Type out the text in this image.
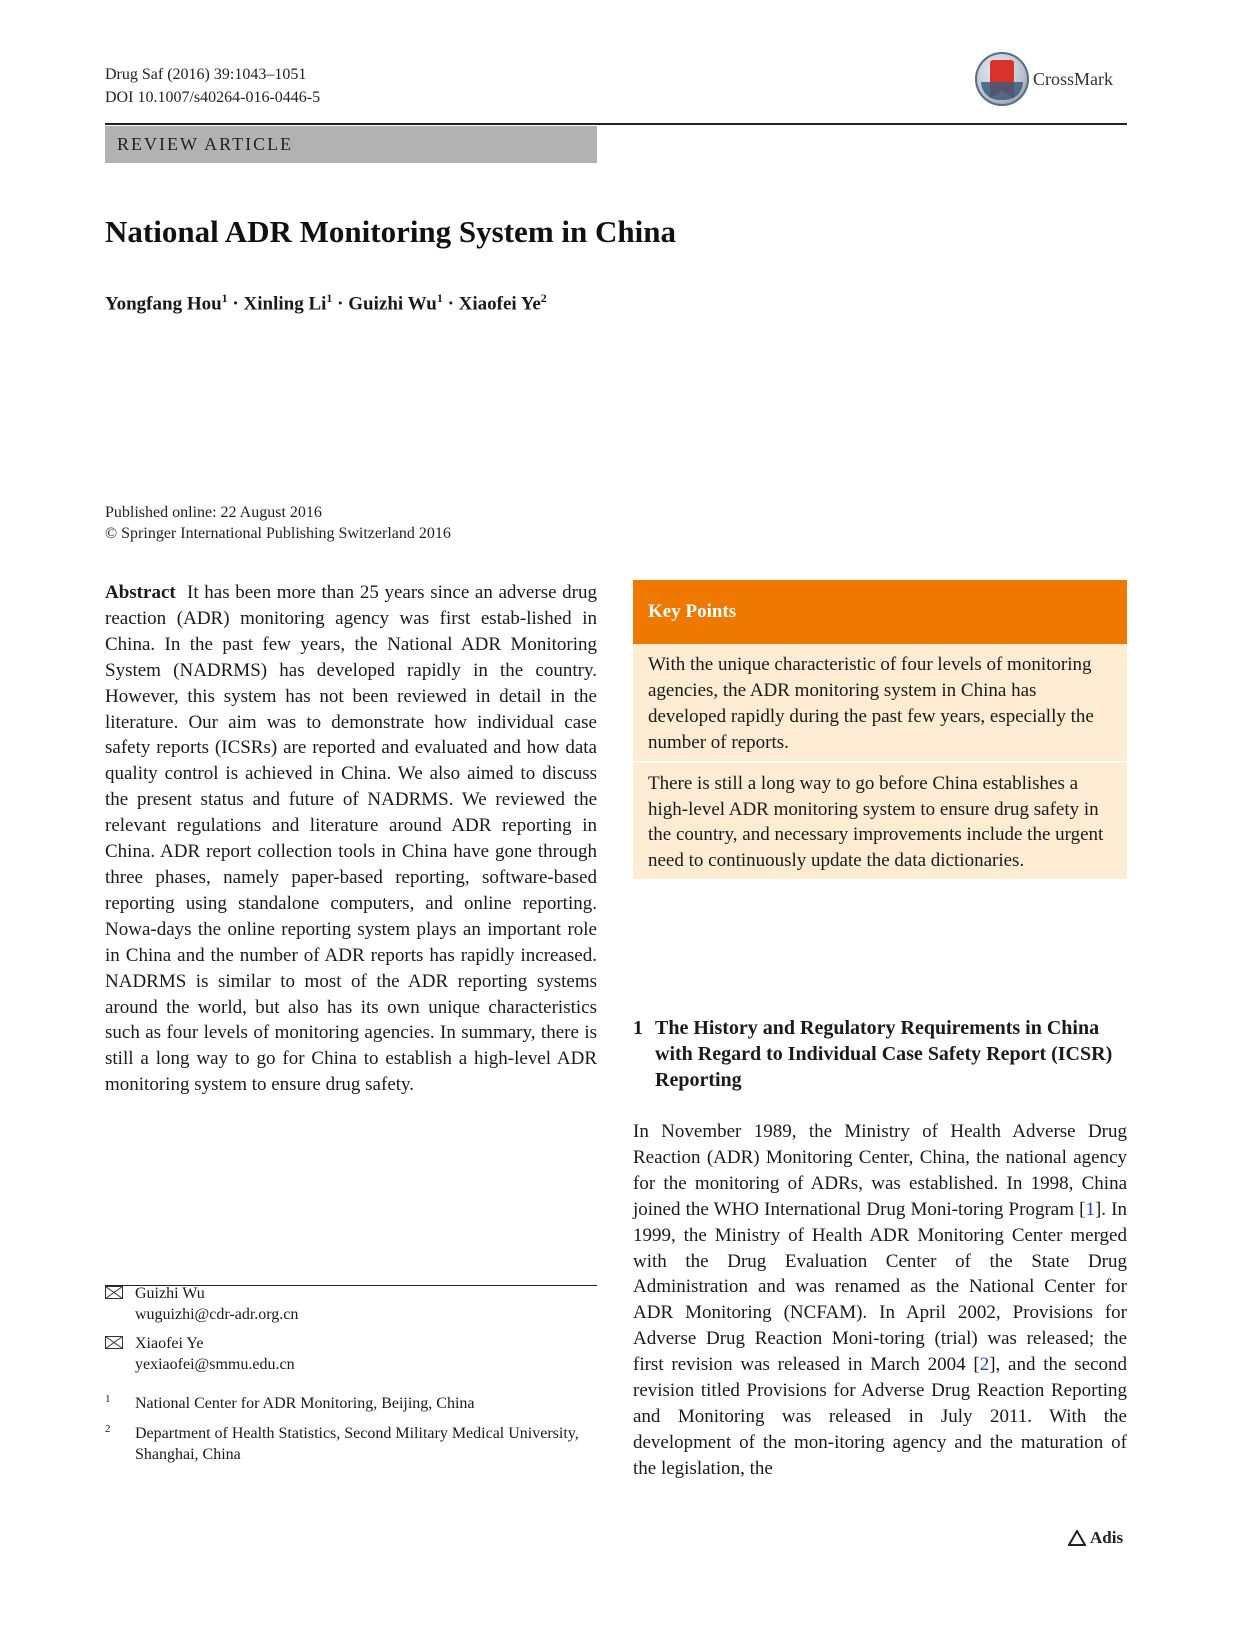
Drug Saf (2016) 39:1043–1051
DOI 10.1007/s40264-016-0446-5
CrossMark
REVIEW ARTICLE
National ADR Monitoring System in China
Yongfang Hou$^1$ · Xinling $Li^1$ · Guizhi $Wu^1$ · Xiaofei Ye$^2$
Published online: 22 August 2016
© Springer International Publishing Switzerland 2016
Abstract It has been more than 25 years since an adverse drug reaction (ADR) monitoring agency was first estab-lished in China. In the past few years, the National ADR Monitoring System (NADRMS) has developed rapidly in the country. However, this system has not been reviewed in detail in the literature. Our aim was to demonstrate how individual case safety reports (ICSRs) are reported and evaluated and how data quality control is achieved in China. We also aimed to discuss the present status and future of NADRMS. We reviewed the relevant regulations and literature around ADR reporting in China. ADR report collection tools in China have gone through three phases, namely paper-based reporting, software-based reporting using standalone computers, and online reporting. Nowa-days the online reporting system plays an important role in China and the number of ADR reports has rapidly increased. NADRMS is similar to most of the ADR reporting systems around the world, but also has its own unique characteristics such as four levels of monitoring agencies. In summary, there is still a long way to go for China to establish a high-level ADR monitoring system to ensure drug safety.
Key Points
With the unique characteristic of four levels of monitoring agencies, the ADR monitoring system in China has developed rapidly during the past few years, especially the number of reports.
There is still a long way to go before China establishes a high-level ADR monitoring system to ensure drug safety in the country, and necessary improvements include the urgent need to continuously update the data dictionaries.
1 The History and Regulatory Requirements in China with Regard to Individual Case Safety Report (ICSR) Reporting
In November 1989, the Ministry of Health Adverse Drug Reaction (ADR) Monitoring Center, China, the national agency for the monitoring of ADRs, was established. In 1998, China joined the WHO International Drug Moni-toring Program [1]. In 1999, the Ministry of Health ADR Monitoring Center merged with the Drug Evaluation Center of the State Drug Administration and was renamed as the National Center for ADR Monitoring (NCFAM). In April 2002, Provisions for Adverse Drug Reaction Moni-toring (trial) was released; the first revision was released in March 2004 [2], and the second revision titled Provisions for Adverse Drug Reaction Reporting and Monitoring was released in July 2011. With the development of the mon-itoring agency and the maturation of the legislation, the
Guizhi Wu
wuguizhi@cdr-adr.org.cn
Xiaofei Ye
yexiaofei@smmu.edu.cn
1 National Center for ADR Monitoring, Beijing, China
2 Department of Health Statistics, Second Military Medical University, Shanghai, China
Adis
